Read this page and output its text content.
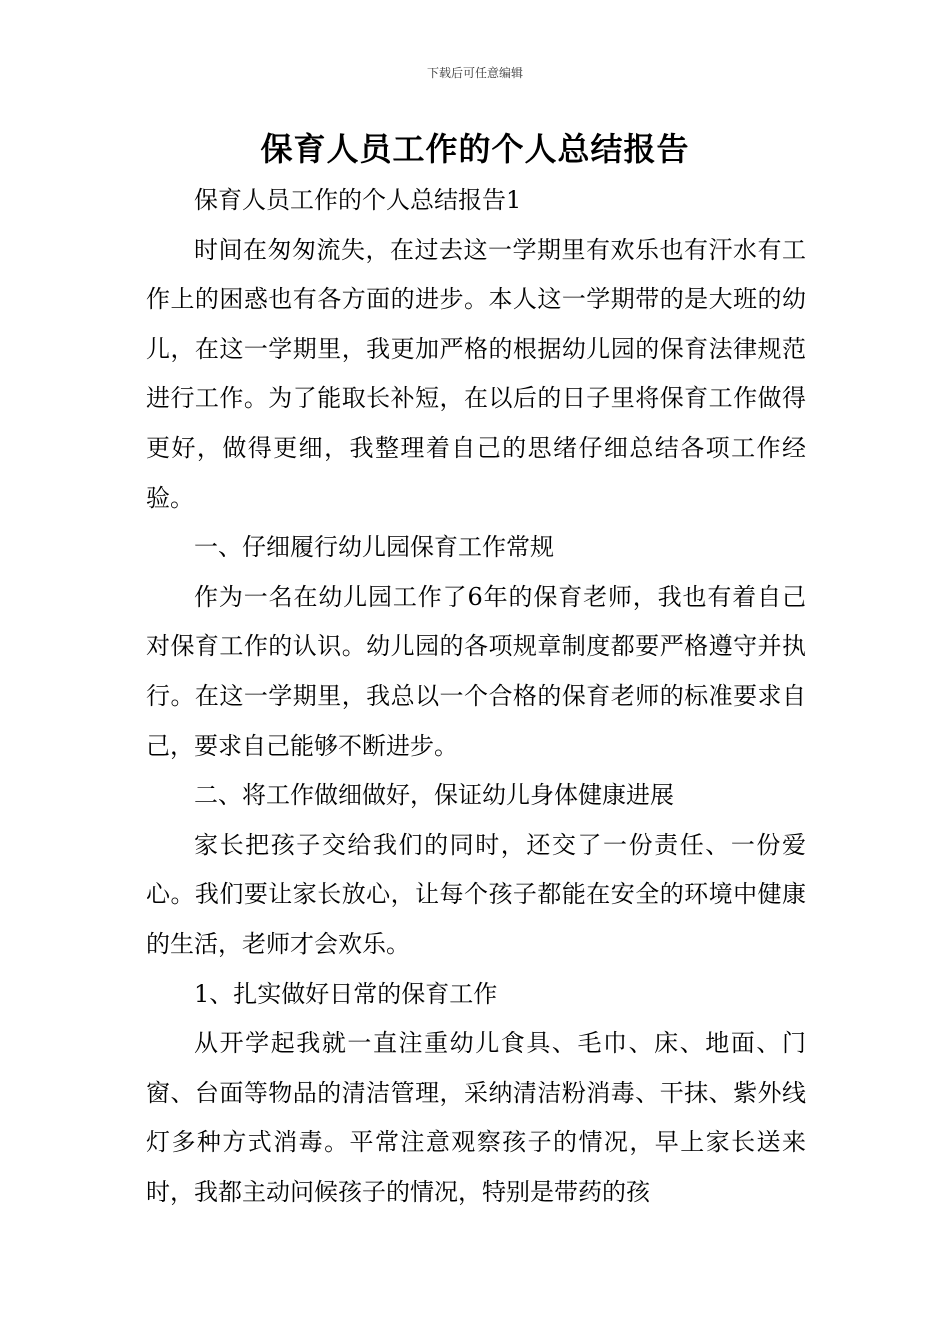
下载后可任意编辑
保育人员工作的个人总结报告

保育人员工作的个人总结报告1

时间在匆匆流失，在过去这一学期里有欢乐也有汗水有工作上的困惑也有各方面的进步。本人这一学期带的是大班的幼儿，在这一学期里，我更加严格的根据幼儿园的保育法律规范进行工作。为了能取长补短，在以后的日子里将保育工作做得更好，做得更细，我整理着自己的思绪仔细总结各项工作经验。

一、仔细履行幼儿园保育工作常规

作为一名在幼儿园工作了6年的保育老师，我也有着自己对保育工作的认识。幼儿园的各项规章制度都要严格遵守并执行。在这一学期里，我总以一个合格的保育老师的标准要求自己，要求自己能够不断进步。

二、将工作做细做好，保证幼儿身体健康进展

家长把孩子交给我们的同时，还交了一份责任、一份爱心。我们要让家长放心，让每个孩子都能在安全的环境中健康的生活，老师才会欢乐。

1、扎实做好日常的保育工作

从开学起我就一直注重幼儿食具、毛巾、床、地面、门窗、台面等物品的清洁管理，采纳清洁粉消毒、干抹、紫外线灯多种方式消毒。平常注意观察孩子的情况，早上家长送来时，我都主动问候孩子的情况，特别是带药的孩
